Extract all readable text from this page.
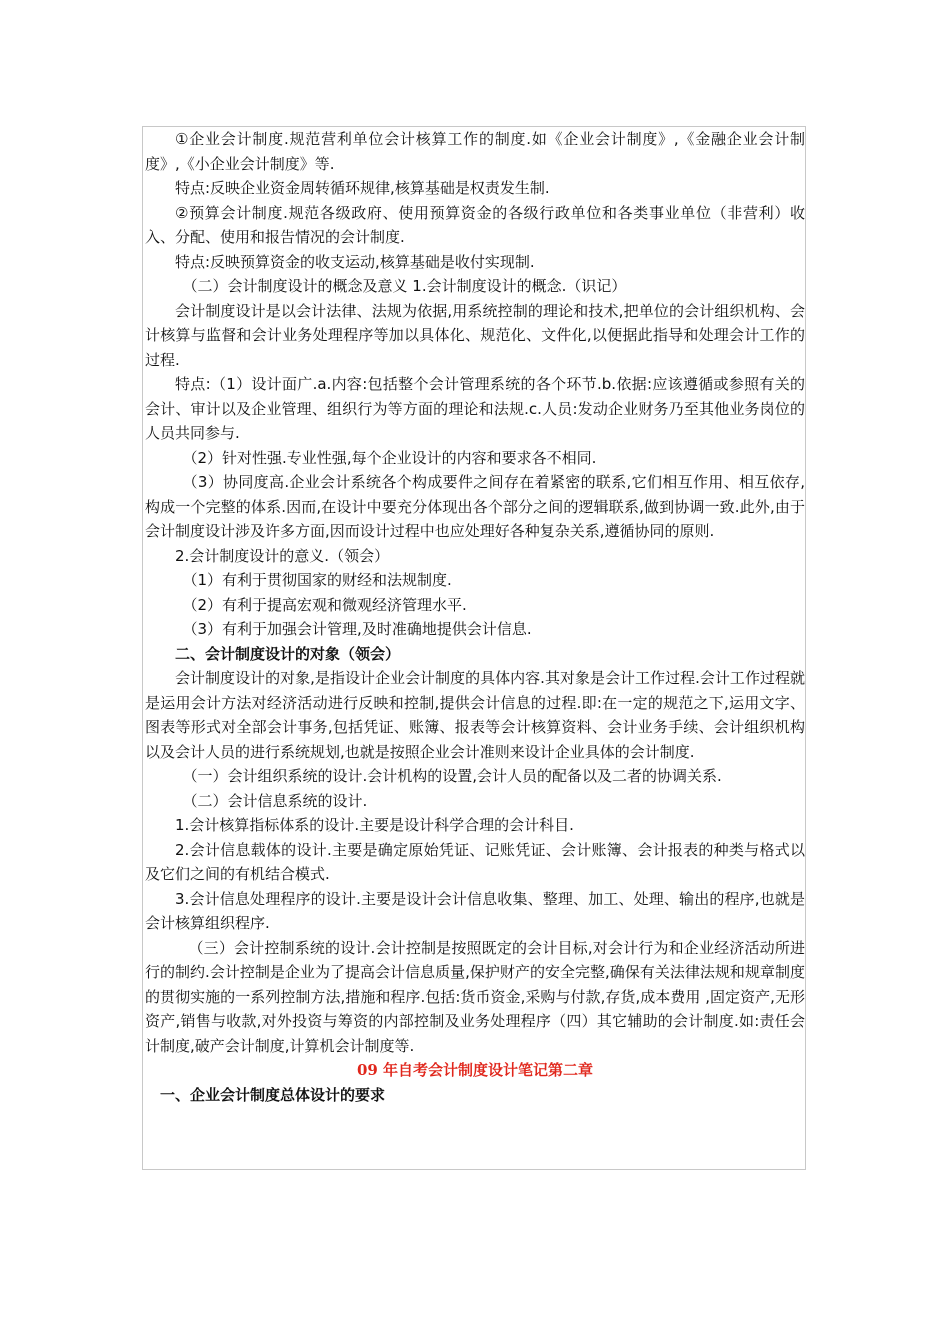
①企业会计制度.规范营利单位会计核算工作的制度.如《企业会计制度》,《金融企业会计制度》,《小企业会计制度》等.

特点:反映企业资金周转循环规律,核算基础是权责发生制.

②预算会计制度.规范各级政府、使用预算资金的各级行政单位和各类事业单位（非营利）收入、分配、使用和报告情况的会计制度.

特点:反映预算资金的收支运动,核算基础是收付实现制.

（二）会计制度设计的概念及意义 1.会计制度设计的概念.（识记）

会计制度设计是以会计法律、法规为依据,用系统控制的理论和技术,把单位的会计组织机构、会计核算与监督和会计业务处理程序等加以具体化、规范化、文件化,以便据此指导和处理会计工作的过程.

特点:（1）设计面广.a.内容:包括整个会计管理系统的各个环节.b.依据:应该遵循或参照有关的会计、审计以及企业管理、组织行为等方面的理论和法规.c.人员:发动企业财务乃至其他业务岗位的人员共同参与.

（2）针对性强.专业性强,每个企业设计的内容和要求各不相同.

（3）协同度高.企业会计系统各个构成要件之间存在着紧密的联系,它们相互作用、相互依存,构成一个完整的体系.因而,在设计中要充分体现出各个部分之间的逻辑联系,做到协调一致.此外,由于会计制度设计涉及许多方面,因而设计过程中也应处理好各种复杂关系,遵循协同的原则.

2.会计制度设计的意义.（领会）

（1）有利于贯彻国家的财经和法规制度.

（2）有利于提高宏观和微观经济管理水平.

（3）有利于加强会计管理,及时准确地提供会计信息.

二、会计制度设计的对象（领会）

会计制度设计的对象,是指设计企业会计制度的具体内容.其对象是会计工作过程.会计工作过程就是运用会计方法对经济活动进行反映和控制,提供会计信息的过程.即:在一定的规范之下,运用文字、图表等形式对全部会计事务,包括凭证、账簿、报表等会计核算资料、会计业务手续、会计组织机构以及会计人员的进行系统规划,也就是按照企业会计准则来设计企业具体的会计制度.

（一）会计组织系统的设计.会计机构的设置,会计人员的配备以及二者的协调关系.

（二）会计信息系统的设计.

1.会计核算指标体系的设计.主要是设计科学合理的会计科目.

2.会计信息载体的设计.主要是确定原始凭证、记账凭证、会计账簿、会计报表的种类与格式以及它们之间的有机结合模式.

3.会计信息处理程序的设计.主要是设计会计信息收集、整理、加工、处理、输出的程序,也就是会计核算组织程序.

（三）会计控制系统的设计.会计控制是按照既定的会计目标,对会计行为和企业经济活动所进行的制约.会计控制是企业为了提高会计信息质量,保护财产的安全完整,确保有关法律法规和规章制度的贯彻实施的一系列控制方法,措施和程序.包括:货币资金,采购与付款,存货,成本费用 ,固定资产,无形资产,销售与收款,对外投资与筹资的内部控制及业务处理程序（四）其它辅助的会计制度.如:责任会计制度,破产会计制度,计算机会计制度等.

09 年自考会计制度设计笔记第二章

一、企业会计制度总体设计的要求
